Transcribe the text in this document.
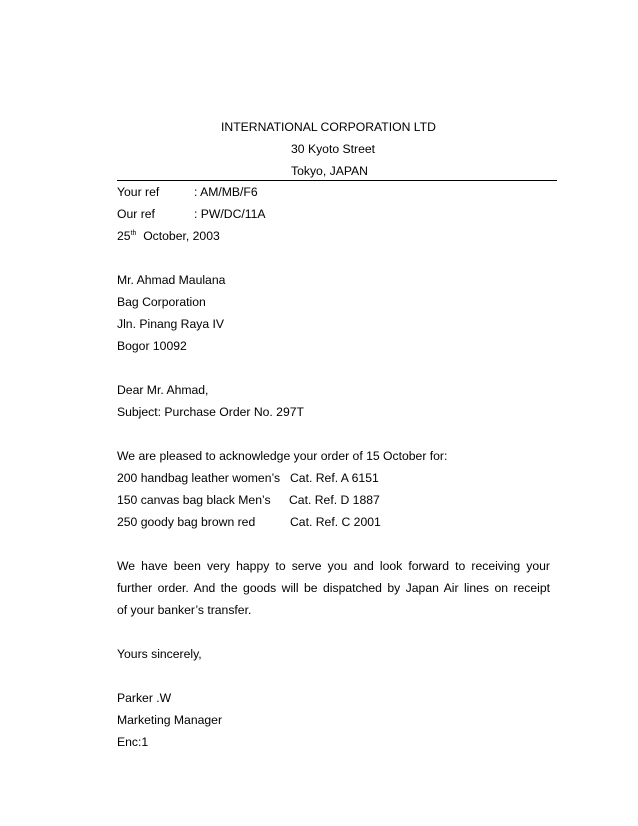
INTERNATIONAL CORPORATION LTD
30 Kyoto Street
Tokyo, JAPAN
Your ref	: AM/MB/F6
Our ref	: PW/DC/11A
25th October, 2003
Mr. Ahmad Maulana
Bag Corporation
Jln. Pinang Raya IV
Bogor 10092
Dear Mr. Ahmad,
Subject: Purchase Order No. 297T
We are pleased to acknowledge your order of 15 October for:
200 handbag leather women’s Cat. Ref. A 6151
150 canvas bag black Men’s Cat. Ref. D 1887
250 goody bag brown red	Cat. Ref. C 2001
We have been very happy to serve you and look forward to receiving your
further order. And the goods will be dispatched by Japan Air lines on receipt
of your banker’s transfer.
Yours sincerely,
Parker .W
Marketing Manager
Enc:1
